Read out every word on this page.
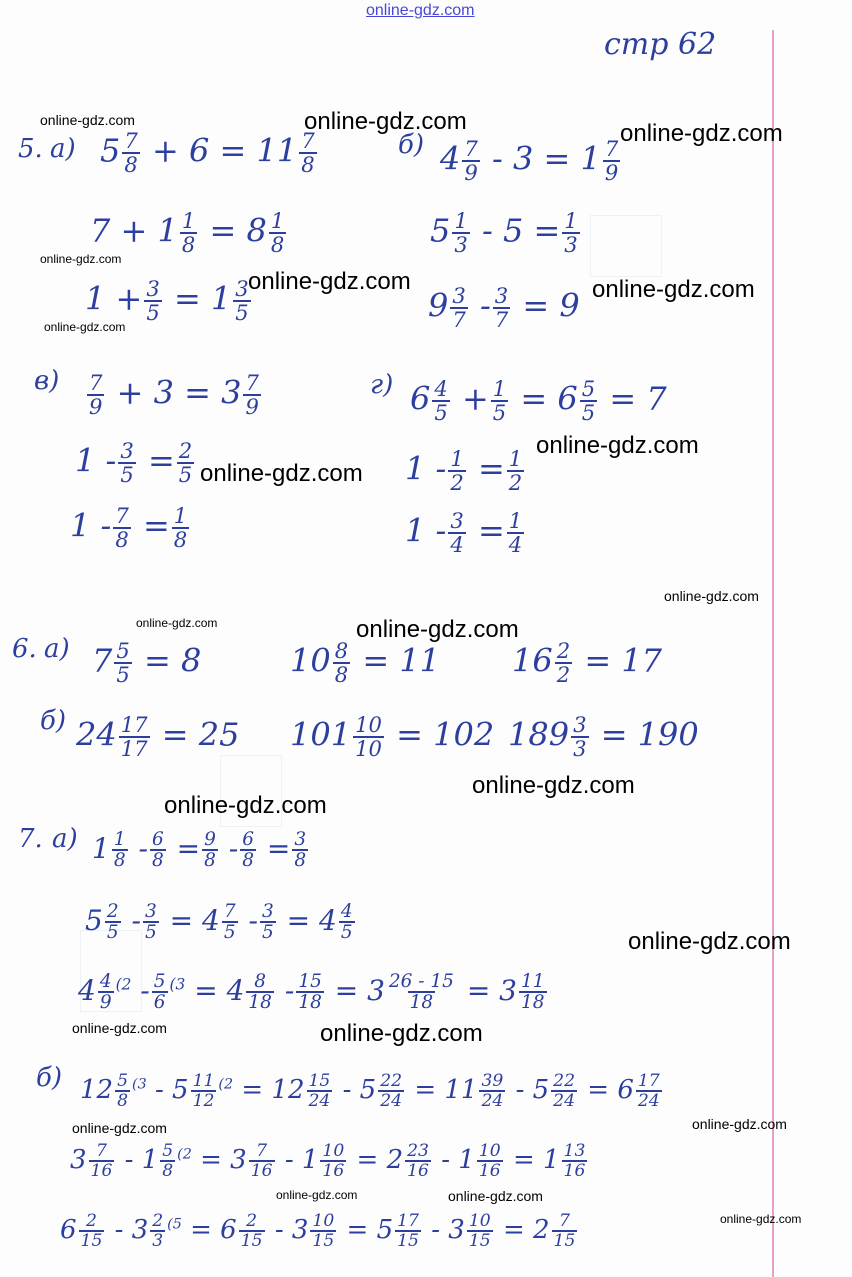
online-gdz.com
стр 62
5. а) $5 \frac{7}{8} + 6 = 11 \frac{7}{8}$
$7 + 1 \frac{1}{8} = 8 \frac{1}{8}$
$1 + \frac{3}{5} = 1 \frac{3}{5}$
б) $4 \frac{7}{9} - 3 = 1 \frac{7}{9}$
$5 \frac{1}{3} - 5 = \frac{1}{3}$
$9 \frac{3}{7} - \frac{3}{7} = 9$
$в) \frac{7}{9} + 3 = 3 \frac{7}{9}$
$1 - \frac{3}{5} = \frac{2}{5}$
$1 - \frac{7}{8} = \frac{1}{8}$
г) $6 \frac{4}{5} + \frac{1}{5} = 6 \frac{5}{5} = 7$
$1 - \frac{1}{2} = \frac{1}{2}$
$1 - \frac{3}{4} = \frac{1}{4}$
6. а) $7 \frac{5}{5} = 8$	$10 \frac{8}{8} = 11$ $16 \frac{2}{2} = 17$
б) $24 \frac{17}{17} = 25$ $101 \frac{10}{10} = 102$ $189 \frac{3}{3} = 190$
7. а) $1 \frac{1}{8} - \frac{6}{8} = \frac{9}{8} - \frac{6}{8} = \frac{3}{8}$
$5 \frac{2}{5} - \frac{3}{5} = 4 \frac{7}{5} - \frac{3}{5} = 4 \frac{4}{5}$
$4 \frac{4}{9} ^{(2} - \frac{5}{6} ^{(3} = 4 \frac{8}{18} - \frac{15}{18} = 3 \frac{26 - 15}{18} = 3 \frac{11}{18}$
б) $12 \frac{5}{8} ^{(3} - 5 \frac{11}{12} ^{(2} = 12 \frac{15}{24} - 5 \frac{22}{24} = 11 \frac{39}{24} - 5 \frac{22}{24} = 6 \frac{17}{24}$
$3 \frac{7}{16} - 1 \frac{5}{8} ^{(2} = 3 \frac{7}{16} - 1 \frac{10}{16} = 2 \frac{23}{16} - 1 \frac{10}{16} = 1 \frac{13}{16}$
$6 \frac{2}{15} - 3 \frac{2}{3} ^{(5} = 6 \frac{2}{15} - 3 \frac{10}{15} = 5 \frac{17}{15} - 3 \frac{10}{15} = 2 \frac{7}{15}$
online-gdz.com	online-gdz.com	online-gdz.com
online-gdz.com
online-gdz.com	online-gdz.com
online-gdz.com
online-gdz.com
online-gdz.com
online-gdz.com
online-gdz.com	online-gdz.com
online-gdz.com
online-gdz.com
online-gdz.com
online-gdz.com	online-gdz.com
online-gdz.com	online-gdz.com
online-gdz.com	online-gdz.com
online-gdz.com
